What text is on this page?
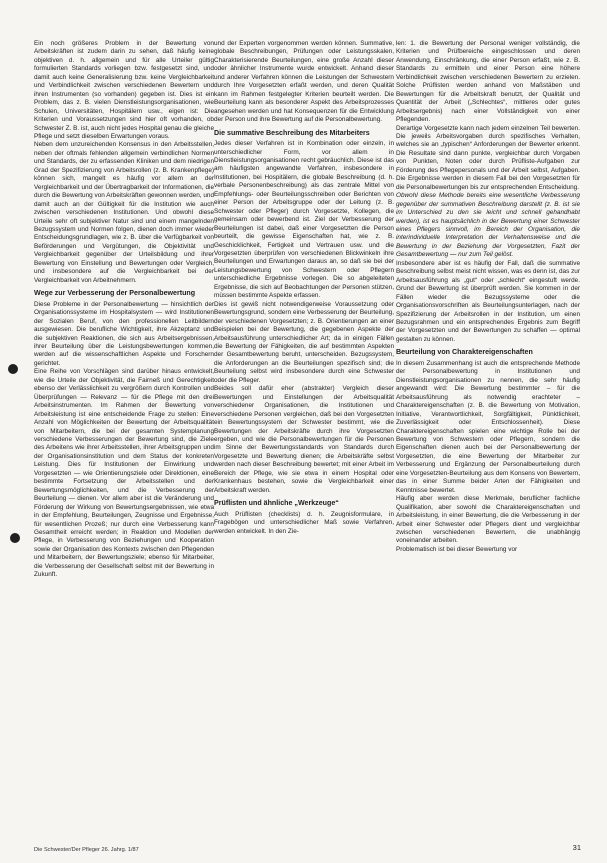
Ein noch größeres Problem in der Bewertung von Arbeitskräften ist zudem darin zu sehen, daß häufig keine objektiven d. h. allgemein und für alle Urteiler gültig formulierten Standards vorliegen bzw. festgesetzt sind, und damit auch keine Generalisierung bzw. keine Vergleichbarkeit und Verbindlichkeit zwischen verschiedenen Bewertern und ihren Instrumenten (so vorhanden) gegeben ist. Dies ist ein Problem, das z. B. vielen Dienstleistungsorganisationen, wie Schulen, Universitäten, Hospitälern usw., eigen ist: Die Kriterien und Voraussetzungen sind hier oft vorhanden, ob Schwester Z. B. ist, auch nicht jedes Hospital genau die gleiche Pflege und setzt dieselben Erwartungen voraus.

Neben dem unzureichenden Konsensus in den Arbeitsstellen, neben der oftmals fehlenden allgemein verbindlichen Normen und Standards, der zu erfassenden Kliniken und dem niedrigen Grad der Spezifizierung von Arbeitsrollen (z. B. Krankenpflege) können sich, mangelt es häufig vor allem an der Vergleichbarkeit und der Übertragbarkeit der Informationen, die durch die Bewertung von Arbeitskräften gewonnen werden, und damit auch an der Gültigkeit für die Institution wie auch zwischen verschiedenen Institutionen. Und obwohl diese Urteile sehr oft subjektiver Natur sind und einem mangelnden Bezugssystem und Normen folgen, dienen doch immer wieder Entscheidungsgrundlagen, wie z. B. über die Verfügbarkeit von Beförderungen und Vergütungen, die Objektivität und Vergleichbarkeit gegenüber der Urteilsbildung und ihrer Bewertung von Einstellung und Bewertungen oder Vergleich, und insbesondere auf die Vergleichbarkeit bei der Vergleichbarkeit von Arbeitnehmern.

Wege zur Verbesserung der Personalbewertung

Diese Probleme in der Personalbewertung — hinsichtlich der Organisationssysteme im Hospitalsystem — wird Institutionen der Sozialen Beruf, von den professionellen Leitbildern ausgewiesen. Die berufliche Wichtigkeit, ihre Akzeptanz und die subjektiven Reaktionen, die sich aus Arbeitsergebnissen, ihrer Beurteilung über die Leistungsbewertungen kommen, werden auf die wissenschaftlichen Aspekte und Forschern gerichtet.

Eine Reihe von Vorschlägen sind darüber hinaus entwickelt, wie die Urteile der Objektivität, die Fairneß und Gerechtigkeit ebenso der Verlässlichkeit zu vergrößern durch Kontrollen und Überprüfungen — Relevanz — für die Pflege mit den drei Arbeitsinstrumenten. Im Rahmen der Bewertung von Arbeitsleistung ist eine entscheidende Frage zu stellen: Eine Anzahl von Möglichkeiten der Bewertung der Arbeitsqualität von Mitarbeitern, die bei der gesamten Systemplanung verschiedene Verbesserungen der Bewertung sind, die Ziele des Arbeitens wie ihrer Arbeitsstellen, ihrer Arbeitsgruppen und der Organisationsinstitution und dem Status der konkreten Leistung. Dies für Institutionen der Einwirkung und Vorgesetzten — wie Orientierungsziele oder Direktionen, eine bestimmte Fortsetzung der Arbeitsstellen und der Bewertungsmöglichkeiten, und die Verbesserung der Beurteilung — dienen. Vor allem aber ist die Veränderung und Förderung der Wirkung von Bewertungsergebnissen, wie etwa in der Empfehlung, Beurteilungen, Zeugnisse und Ergebnisse, für wesentlichen Prozeß; nur durch eine Verbesserung kann Gesamtheit erreicht werden; in Reaktion und Modellen der Pflege, in Verbesserung von Beziehungen und Kooperation sowie der Organisation des Kontexts zwischen den Pflegenden und Mitarbeitern, der Bewertungsziele; ebenso für Mitarbeiter, die Verbesserung der Gesellschaft selbst mit der Bewertung in Zukunft.

und der Experten vorgenommen werden können. Summative, globale Beschreibungen, Prüfungen oder Leistungsskalen, Charakterisierende Beurteilungen, eine große Anzahl dieser oder ähnlicher Instrumente wurde entwickelt. Anhand dieser und anderer Verfahren können die Leistungen der Schwestern durch Ihre Vorgesetzten erfaßt werden, und deren Qualität kann im Rahmen festgelegter Kriterien beurteilt werden. Die Beurteilung kann als besonderer Aspekt des Arbeitsprozesses angesehen werden und hat Konsequenzen für die Entwicklung der Person und ihre Bewertung auf die Personalbewertung.

Die summative Beschreibung des Mitarbeiters

Jedes dieser Verfahren ist in Kombination oder einzeln, in unterschiedlicher Form, vor allem in Dienstleistungsorganisationen recht gebräuchlich. Diese ist das am häufigsten angewandte Verfahren, insbesondere in Institutionen, bei Hospitälern, die globale Beschreibung (d. h. verbale Personenbeschreibung) als das zentrale Mittel von Empfehlungs- oder Beurteilungsschreiben oder Berichten von einer Person der Arbeitsgruppe oder der Leitung (z. B. Schwester oder Pfleger) durch Vorgesetzte, Kollegen, die gemeinsam oder bewerbend ist. Ziel der Verbesserung der Beurteilungen ist dabei, daß einer Vorgesetzten die Person beurteilt, die gewisse Eigenschaften hat, wie z. B. Geschicklichkeit, Fertigkeit und Vertrauen usw. und die Vorgesetzten überprüfen von verschiedenen Blickwinkeln ihre Beurteilungen und Erwartungen daraus an, so daß sie bei der Leistungsbewertung von Schwestern oder Pflegern unterschiedliche Ergebnisse vorlegen. Die so abgeleiteten Ergebnisse, die sich auf Beobachtungen der Personen stützen, müssen bestimmte Aspekte erfassen.

Dies ist gewiß nicht notwendigerweise Voraussetzung oder Bewertungsgrund, sondern eine Verbesserung der Beurteilung, der verschiedenen Vorgesetzten; z. B. Orientierungen an einer Beispielen bei der Bewertung, die gegebenen Aspekte der Arbeitsausführung unterschiedlicher Art; da in einigen Fällen die Bewertung der Fähigkeiten, die auf bestimmten Aspekten der Gesamtbewertung beruht, unterscheiden. Bezugssystem, die Anforderungen an die Beurteilungen spezifisch sind; die Beurteilung selbst wird insbesondere durch eine Schwester oder die Pfleger.

Beides soll dafür eher (abstrakter) Vergleich dieser Bewertungen und Einstellungen der Arbeitsqualität verschiedener Organisationen, die Institutionen und verschiedene Personen vergleichen, daß bei den Vorgesetzten ein Bewertungssystem der Schwester bestimmt, wie die Bewertungen der Arbeitskräfte durch ihre Vorgesetzten ergeben, und wie die Personalbewertungen für die Personen im Sinne der Bewertungsstandards von Standards durch Vorgesetzte und Bewertung dienen; die Arbeitskräfte selbst werden nach dieser Beschreibung bewertet; mit einer Arbeit im Bereich der Pflege, wie sie etwa in einem Hospital oder Krankenhaus bestehen, sowie die Vergleichbarkeit einer Arbeitskraft werden.

Prüflisten und ähnliche „Werkzeuge“

Auch Prüflisten (checklists) d. h. Zeugnisformulare, in Fragebögen und unterschiedlicher Maß sowie Verfahren, werden entwickelt. In den Zie-

len: 1. die Bewertung der Personal weniger vollständig, die Kriterien und Prüfbereiche eingeschlossen und deren Anwendung, Einschränkung, die einer Person erfaßt, wie z. B. Standards zu ermitteln und einer Person eine höhere Verbindlichkeit zwischen verschiedenen Bewertern zu erzielen. Solche Prüflisten werden anhand von Maßstäben und Bewertungen für die Arbeitskraft benutzt, der Qualität und Quantität der Arbeit („Schlechtes“, mittleres oder gutes Arbeitsergebnis) nach einer Vollständigkeit von einer Pflegenden.

Derartige Vorgesetzte kann nach jedem einzelnen Teil bewerten. Die jeweils Arbeitsvorgaben durch spezifisches Verhalten, welches sie an „typischen“ Anforderungen der Bewerter erkennt. Die Resultate sind dann punkte, vergleichbar durch Vorgaben von Punkten, Noten oder durch Prüfliste-Aufgaben zur Förderung des Pflegepersonals und der Arbeit selbst, Aufgaben. Die Ergebnisse werden in diesem Fall bei den Vorgesetzten für die Personalbewertungen bis zur entsprechenden Entscheidung.

Obwohl diese Methode bereits eine wesentliche Verbesserung gegenüber der summativen Beschreibung darstellt (z. B. ist sie im Unterschied zu den sie leicht und schnell gehandhabt werden), ist es hauptsächlich in der Bewertung einer Schwester eines Pflegers sinnvoll, im Bereich der Organisation, die interindividuelle Interpretation der Verhaltensweise und die Bewertung in der Beziehung der Vorgesetzten, Fazit der Gesamtbewertung — nur zum Teil gelöst.

Insbesondere aber ist es häufig der Fall, daß die summative Beschreibung selbst meist nicht wissen, was es denn ist, das zur Arbeitsausführung als „gut“ oder „schlecht“ eingestuft werde. Grund der Bewertung ist überprüft werden. Sie kommen in der Fällen wieder die Bezugssysteme oder die Organisationsvorschriften als Beurteilungsunterlagen, nach der Spezifizierung der Arbeitsrollen in der Institution, um einen Bezugsrahmen und ein entsprechendes Ergebnis zum Begriff der Vorgesetzten und der Bewertungen zu schaffen — optimal gestalten zu können.

Beurteilung von Charaktereigenschaften

In diesem Zusammenhang ist auch die entsprechende Methode der Personalbewertung in Institutionen und Dienstleistungsorganisationen zu nennen, die sehr häufig angewandt wird: Die Bewertung bestimmter – für die Arbeitsausführung als notwendig erachteter – Charaktereigenschaften (z. B. die Bewertung von Motivation, Initiative, Verantwortlichkeit, Sorgfältigkeit, Pünktlichkeit, Zuverlässigkeit oder Entschlossenheit). Diese Charaktereigenschaften spielen eine wichtige Rolle bei der Bewertung von Schwestern oder Pflegern, sondern die Eigenschaften dienen auch bei der Personalbewertung der Vorgesetzten, die eine Bewertung der Mitarbeiter zur Verbesserung und Ergänzung der Personalbeurteilung durch eine Vorgesetzten-Beurteilung aus dem Konsens von Bewertern, das in einer Summe beider Arten der Fähigkeiten und Kenntnisse bewertet.

Häufig aber werden diese Merkmale, beruflicher fachliche Qualifikation, aber sowohl die Charaktereigenschaften und Arbeitsleistung, in einer Bewertung, die die Verbesserung in der Arbeit einer Schwester oder Pflegers dient und vergleichbar zwischen verschiedenen Bewertern, die unabhängig voneinander arbeiten.

Problematisch ist bei dieser Bewertung vor

Die Schwester/Der Pfleger 26. Jahrg. 1/87	31
